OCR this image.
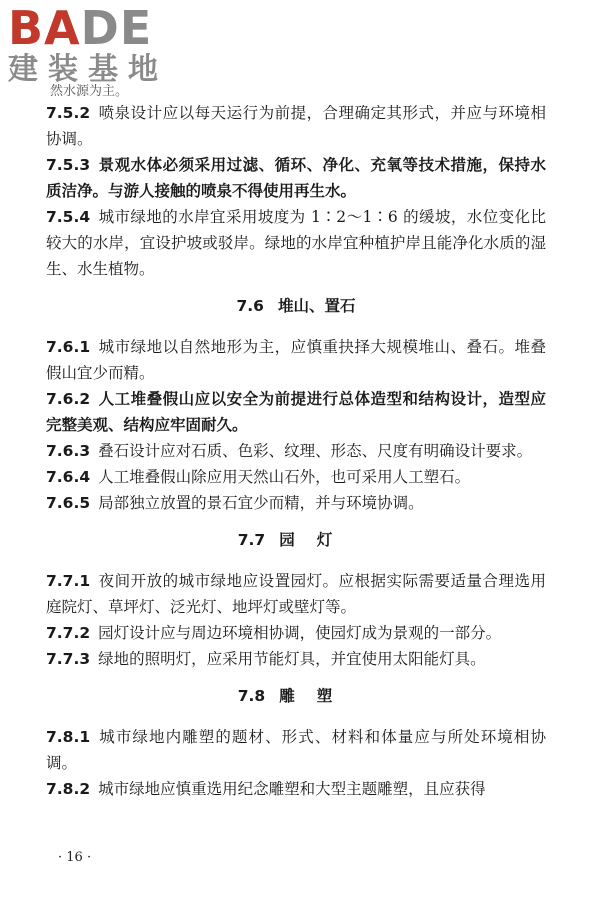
BADE
建装基地
然水源为主。

7.5.2 喷泉设计应以每天运行为前提，合理确定其形式，并应与环境相协调。

7.5.3 景观水体必须采用过滤、循环、净化、充氧等技术措施，保持水质洁净。与游人接触的喷泉不得使用再生水。

7.5.4 城市绿地的水岸宜采用坡度为 1∶2～1∶6 的缓坡，水位变化比较大的水岸，宜设护坡或驳岸。绿地的水岸宜种植护岸且能净化水质的湿生、水生植物。

7.6 堆山、置石

7.6.1 城市绿地以自然地形为主，应慎重抉择大规模堆山、叠石。堆叠假山宜少而精。

7.6.2 人工堆叠假山应以安全为前提进行总体造型和结构设计，造型应完整美观、结构应牢固耐久。

7.6.3 叠石设计应对石质、色彩、纹理、形态、尺度有明确设计要求。

7.6.4 人工堆叠假山除应用天然山石外，也可采用人工塑石。

7.6.5 局部独立放置的景石宜少而精，并与环境协调。

7.7 园灯

7.7.1 夜间开放的城市绿地应设置园灯。应根据实际需要适量合理选用庭院灯、草坪灯、泛光灯、地坪灯或壁灯等。

7.7.2 园灯设计应与周边环境相协调，使园灯成为景观的一部分。

7.7.3 绿地的照明灯，应采用节能灯具，并宜使用太阳能灯具。

7.8 雕塑

7.8.1 城市绿地内雕塑的题材、形式、材料和体量应与所处环境相协调。

7.8.2 城市绿地应慎重选用纪念雕塑和大型主题雕塑，且应获得

· 16 ·
